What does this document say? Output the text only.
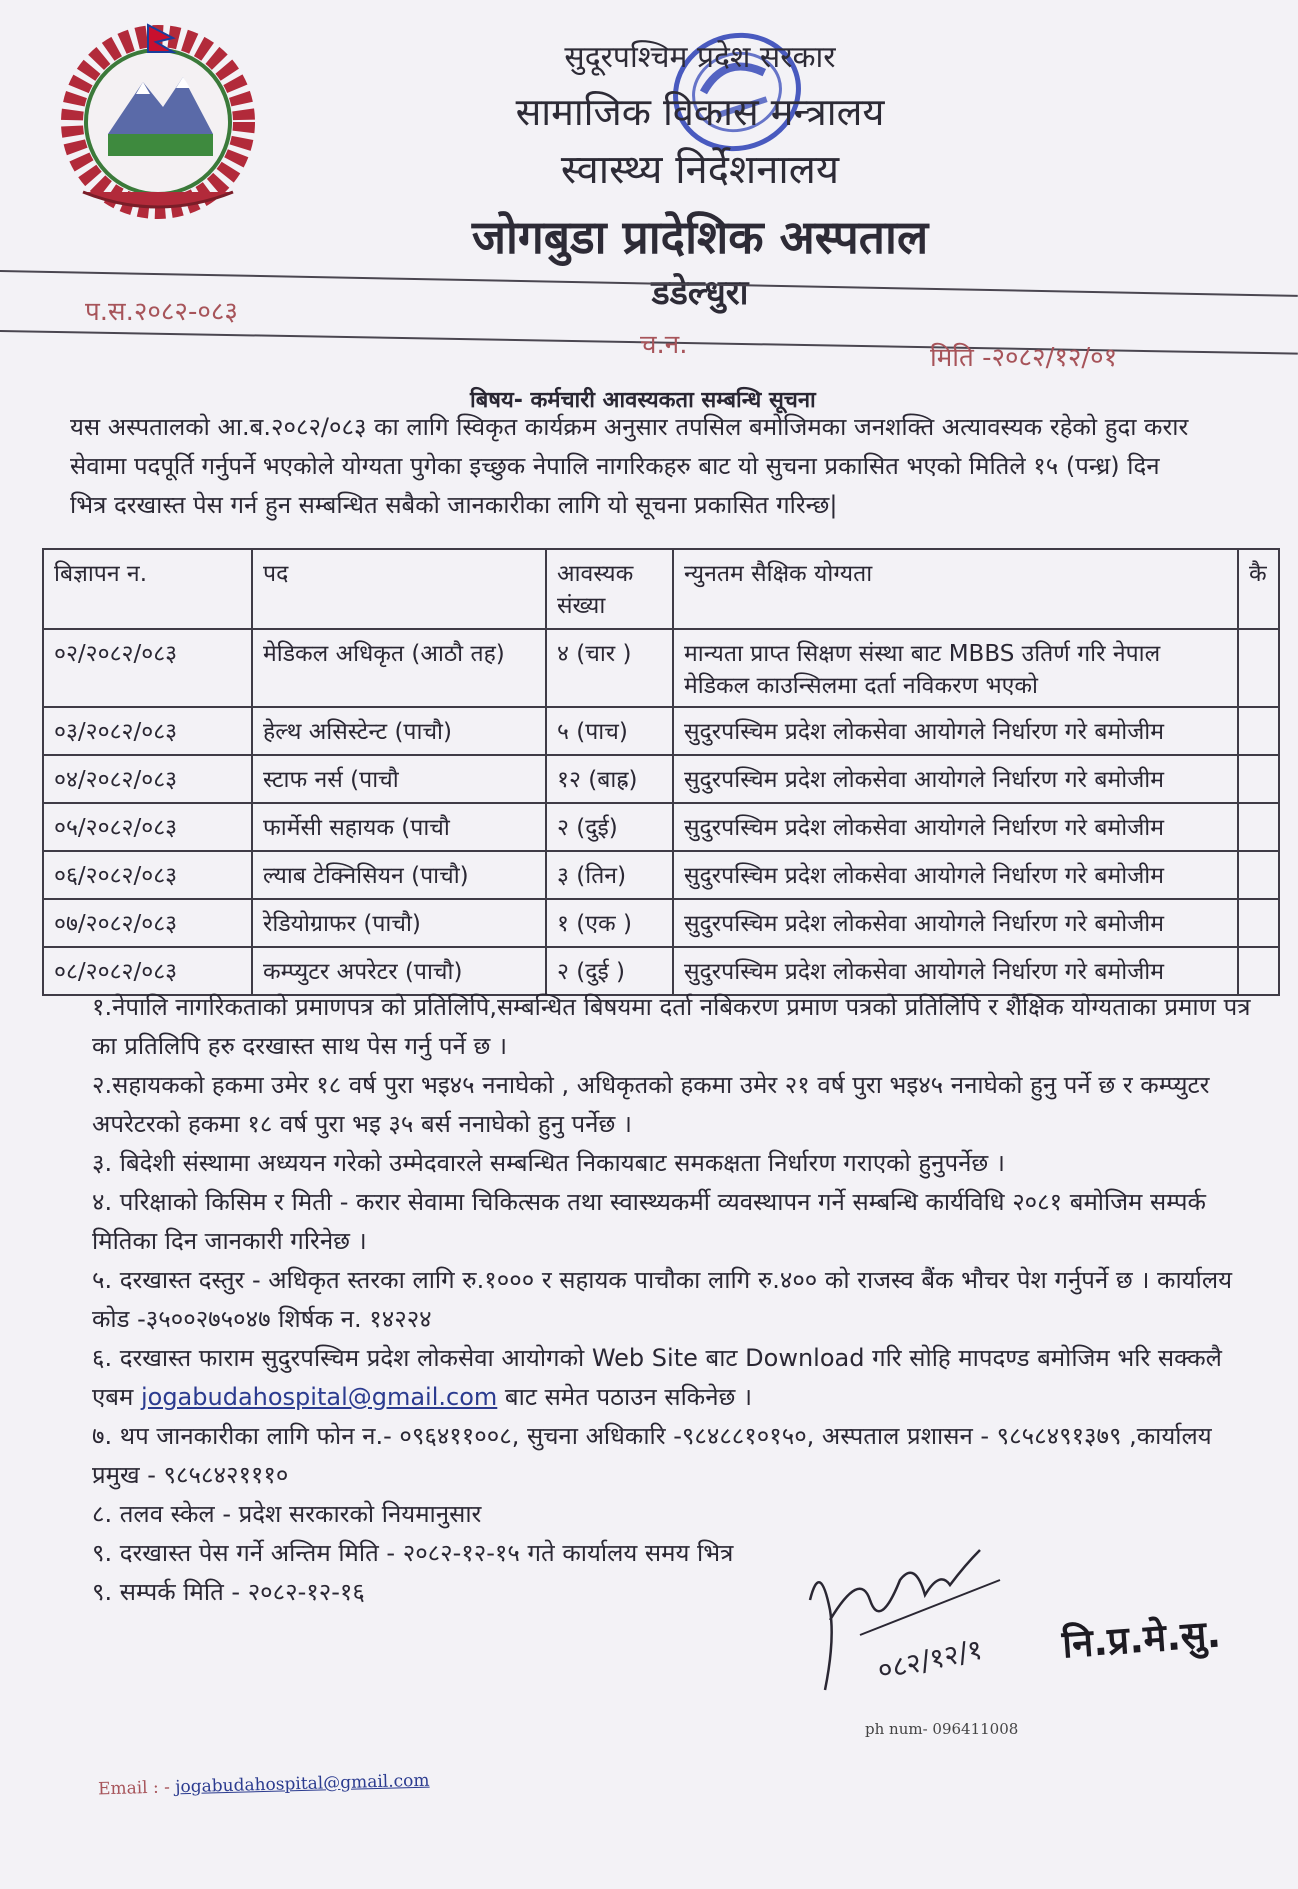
सुदूरपश्चिम प्रदेश सरकार
सामाजिक विकास मन्त्रालय
स्वास्थ्य निर्देशनालय
जोगबुडा प्रादेशिक अस्पताल
डडेल्धुरा
प.स.२०८२-०८३
च.न.	मिति -२०८२/१२/०१
बिषय- कर्मचारी आवस्यकता सम्बन्धि सूचना
यस अस्पतालको आ.ब.२०८२/०८३ का लागि स्विकृत कार्यक्रम अनुसार तपसिल बमोजिमका जनशक्ति अत्यावस्यक रहेको हुदा करार सेवामा पदपूर्ति गर्नुपर्ने भएकोले योग्यता पुगेका इच्छुक नेपालि नागरिकहरु बाट यो सुचना प्रकासित भएको मितिले १५ (पन्ध्र) दिन भित्र दरखास्त पेस गर्न हुन सम्बन्धित सबैको जानकारीका लागि यो सूचना प्रकासित गरिन्छ|
बिज्ञापन न.	पद	आवस्यक संख्या	न्युनतम सैक्षिक योग्यता	कै
०२/२०८२/०८३	मेडिकल अधिकृत (आठौ तह)	४ (चार )	मान्यता प्राप्त सिक्षण संस्था बाट MBBS उतिर्ण गरि नेपाल मेडिकल काउन्सिलमा दर्ता नविकरण भएको	
०३/२०८२/०८३	हेल्थ असिस्टेन्ट (पाचौ)	५ (पाच)	सुदुरपस्चिम प्रदेश लोकसेवा आयोगले निर्धारण गरे बमोजीम	
०४/२०८२/०८३	स्टाफ नर्स (पाचौ	१२ (बाह्र)	सुदुरपस्चिम प्रदेश लोकसेवा आयोगले निर्धारण गरे बमोजीम	
०५/२०८२/०८३	फार्मेसी सहायक (पाचौ	२ (दुई)	सुदुरपस्चिम प्रदेश लोकसेवा आयोगले निर्धारण गरे बमोजीम	
०६/२०८२/०८३	ल्याब टेक्निसियन (पाचौ)	३ (तिन)	सुदुरपस्चिम प्रदेश लोकसेवा आयोगले निर्धारण गरे बमोजीम	
०७/२०८२/०८३	रेडियोग्राफर (पाचौ)	१ (एक )	सुदुरपस्चिम प्रदेश लोकसेवा आयोगले निर्धारण गरे बमोजीम	
०८/२०८२/०८३	कम्प्युटर अपरेटर (पाचौ)	२ (दुई )	सुदुरपस्चिम प्रदेश लोकसेवा आयोगले निर्धारण गरे बमोजीम	

१.नेपालि नागरिकताको प्रमाणपत्र को प्रतिलिपि,सम्बन्धित बिषयमा दर्ता नबिकरण प्रमाण पत्रको प्रतिलिपि र शैक्षिक योग्यताका प्रमाण पत्र का प्रतिलिपि हरु दरखास्त साथ पेस गर्नु पर्ने छ ।

२.सहायकको हकमा उमेर १८ वर्ष पुरा भइ४५ ननाघेको , अधिकृतको हकमा उमेर २१ वर्ष पुरा भइ४५ ननाघेको हुनु पर्ने छ र कम्प्युटर अपरेटरको हकमा १८ वर्ष पुरा भइ ३५ बर्स ननाघेको हुनु पर्नेछ ।

३. बिदेशी संस्थामा अध्ययन गरेको उम्मेदवारले सम्बन्धित निकायबाट समकक्षता निर्धारण गराएको हुनुपर्नेछ ।

४. परिक्षाको किसिम र मिती - करार सेवामा चिकित्सक तथा स्वास्थ्यकर्मी व्यवस्थापन गर्ने सम्बन्धि कार्यविधि २०८१ बमोजिम सम्पर्क मितिका दिन जानकारी गरिनेछ ।

५. दरखास्त दस्तुर - अधिकृत स्तरका लागि रु.१००० र सहायक पाचौका लागि रु.४०० को राजस्व बैंक भौचर पेश गर्नुपर्ने छ । कार्यालय कोड -३५००२७५०४७ शिर्षक न. १४२२४

६. दरखास्त फाराम सुदुरपस्चिम प्रदेश लोकसेवा आयोगको Web Site बाट Download गरि सोहि मापदण्ड बमोजिम भरि सक्कलै एबम jogabudahospital@gmail.com बाट समेत पठाउन सकिनेछ ।

७. थप जानकारीका लागि फोन न.- ०९६४११००८, सुचना अधिकारि -९८४८८१०१५०, अस्पताल प्रशासन - ९८५८४९१३७९ ,कार्यालय प्रमुख - ९८५८४२१११०

८. तलव स्केल - प्रदेश सरकारको नियमानुसार

९. दरखास्त पेस गर्ने अन्तिम मिति - २०८२-१२-१५ गते कार्यालय समय भित्र

९. सम्पर्क मिति - २०८२-१२-१६

०८२/१२/१ नि.प्र.मे.सु.
ph num- 096411008
Email : - jogabudahospital@gmail.com
